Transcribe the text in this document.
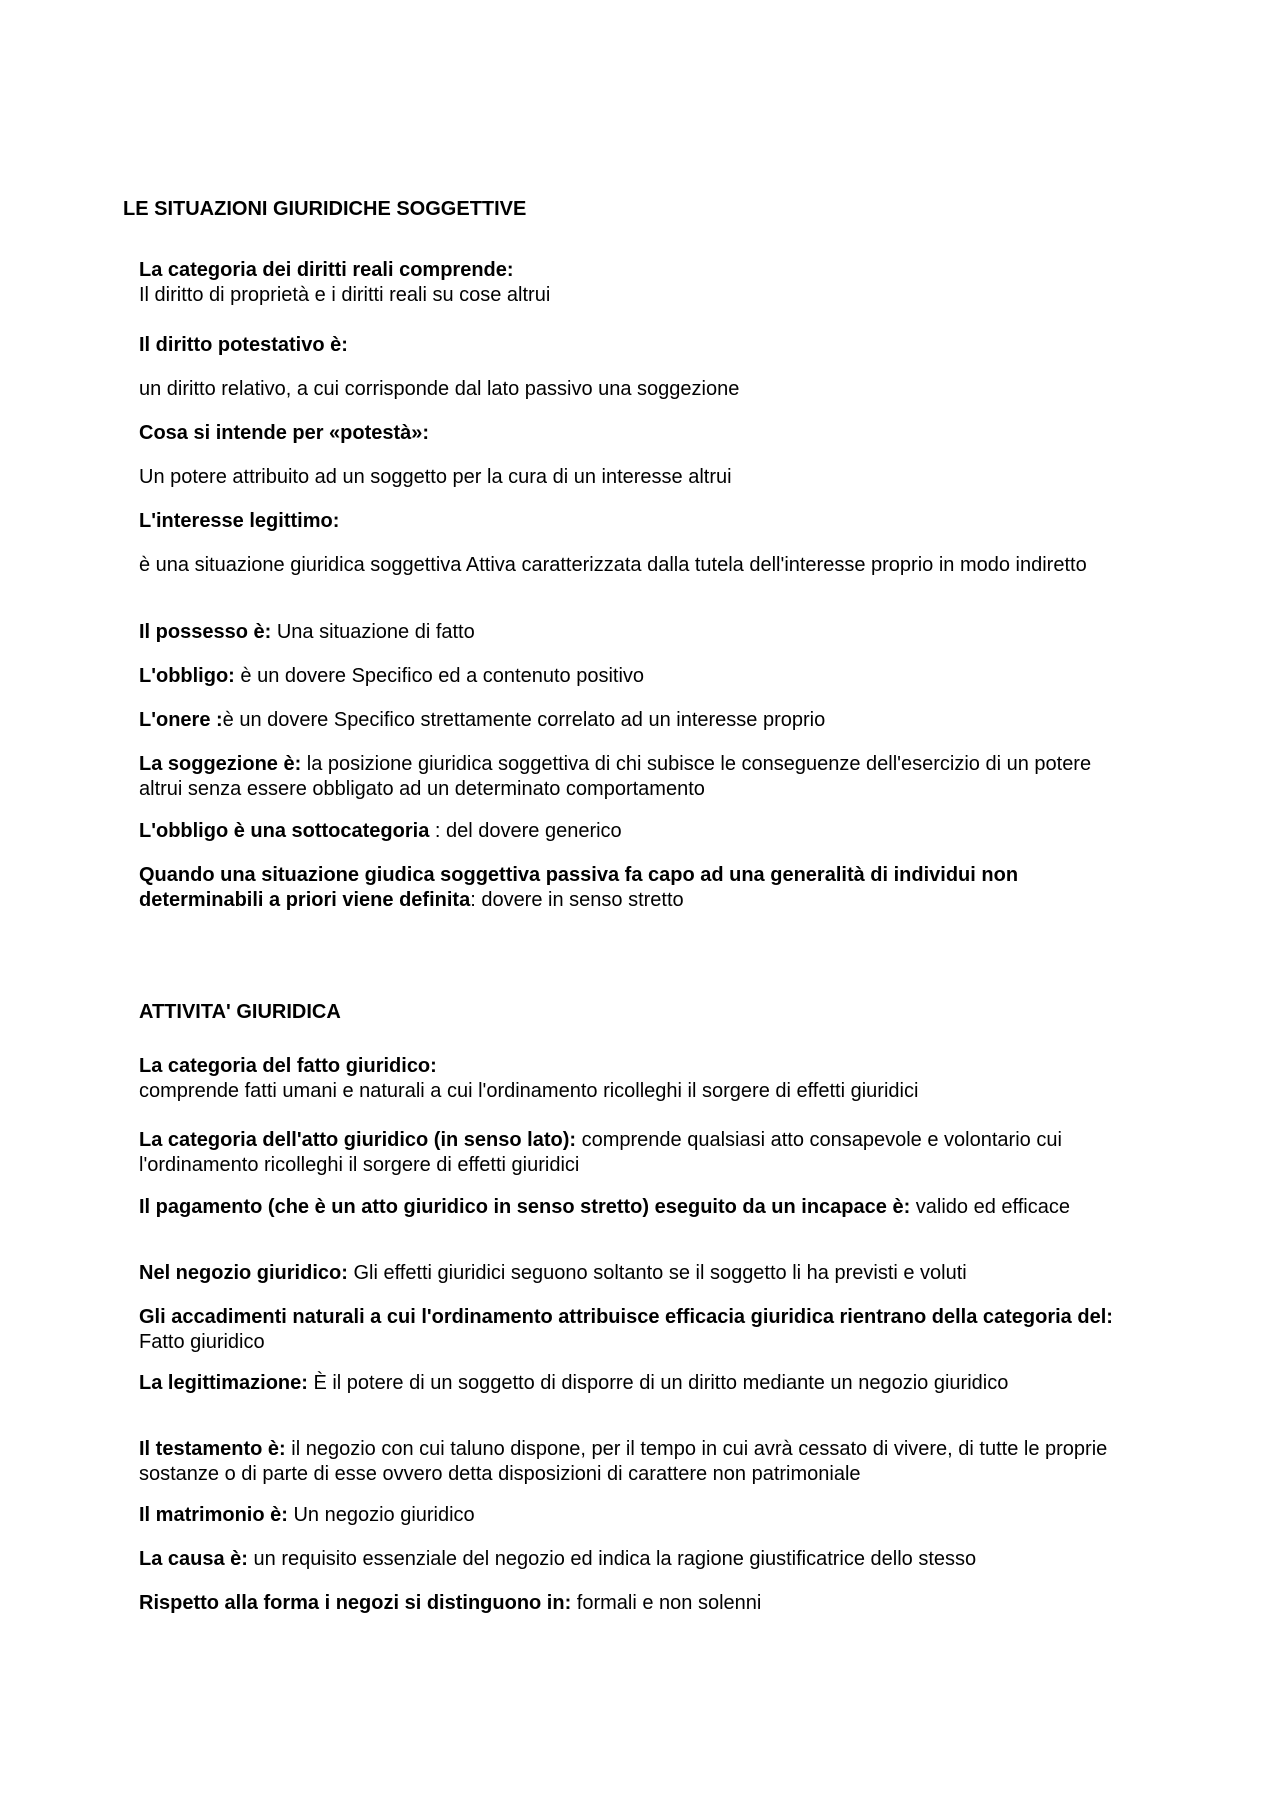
LE SITUAZIONI GIURIDICHE SOGGETTIVE

La categoria dei diritti reali comprende:
Il diritto di proprietà e i diritti reali su cose altrui

Il diritto potestativo è:

un diritto relativo, a cui corrisponde dal lato passivo una soggezione

Cosa si intende per «potestà»:

Un potere attribuito ad un soggetto per la cura di un interesse altrui

L'interesse legittimo:

è una situazione giuridica soggettiva Attiva caratterizzata dalla tutela dell'interesse proprio in modo indiretto

Il possesso è: Una situazione di fatto

L'obbligo: è un dovere Specifico ed a contenuto positivo

L'onere :è un dovere Specifico strettamente correlato ad un interesse proprio

La soggezione è: la posizione giuridica soggettiva di chi subisce le conseguenze dell'esercizio di un potere altrui senza essere obbligato ad un determinato comportamento

L'obbligo è una sottocategoria : del dovere generico

Quando una situazione giudica soggettiva passiva fa capo ad una generalità di individui non determinabili a priori viene definita: dovere in senso stretto

ATTIVITA' GIURIDICA

La categoria del fatto giuridico:
comprende fatti umani e naturali a cui l'ordinamento ricolleghi il sorgere di effetti giuridici

La categoria dell'atto giuridico (in senso lato): comprende qualsiasi atto consapevole e volontario cui l'ordinamento ricolleghi il sorgere di effetti giuridici

Il pagamento (che è un atto giuridico in senso stretto) eseguito da un incapace è: valido ed efficace

Nel negozio giuridico: Gli effetti giuridici seguono soltanto se il soggetto li ha previsti e voluti

Gli accadimenti naturali a cui l'ordinamento attribuisce efficacia giuridica rientrano della categoria del: Fatto giuridico

La legittimazione: È il potere di un soggetto di disporre di un diritto mediante un negozio giuridico

Il testamento è: il negozio con cui taluno dispone, per il tempo in cui avrà cessato di vivere, di tutte le proprie sostanze o di parte di esse ovvero detta disposizioni di carattere non patrimoniale

Il matrimonio è: Un negozio giuridico

La causa è: un requisito essenziale del negozio ed indica la ragione giustificatrice dello stesso

Rispetto alla forma i negozi si distinguono in: formali e non solenni
